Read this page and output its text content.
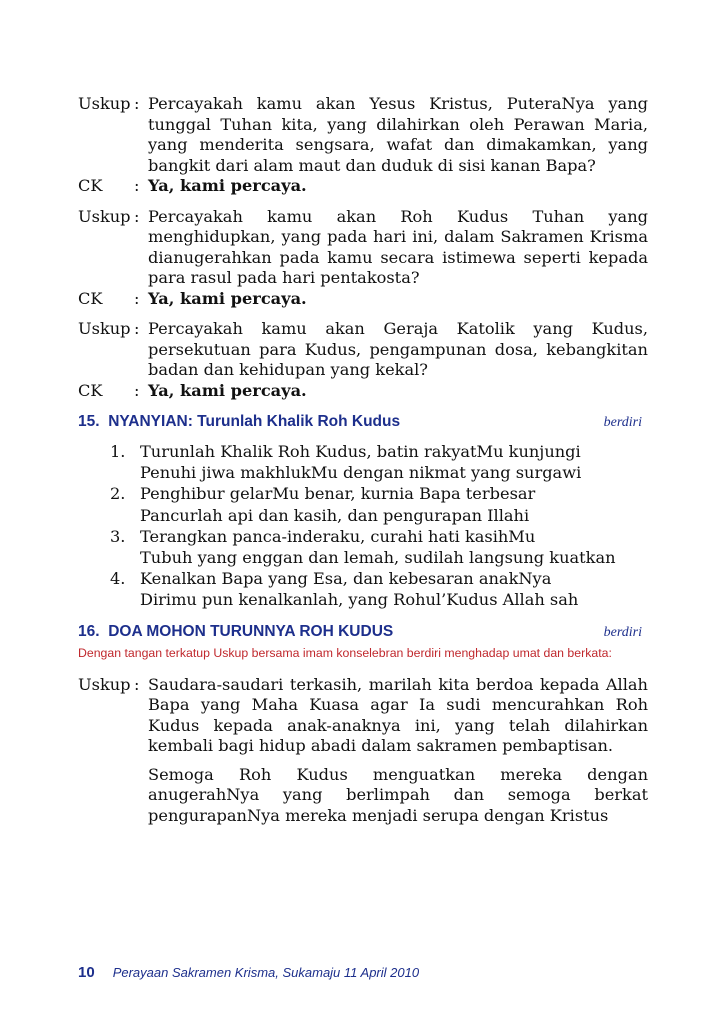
Uskup : Percayakah kamu akan Yesus Kristus, PuteraNya yang tunggal Tuhan kita, yang dilahirkan oleh Perawan Maria, yang menderita sengsara, wafat dan dimakamkan, yang bangkit dari alam maut dan duduk di sisi kanan Bapa?
CK	: Ya, kami percaya.
Uskup : Percayakah kamu akan Roh Kudus Tuhan yang menghidupkan, yang pada hari ini, dalam Sakramen Krisma dianugerahkan pada kamu secara istimewa seperti kepada para rasul pada hari pentakosta?
CK	: Ya, kami percaya.
Uskup : Percayakah kamu akan Geraja Katolik yang Kudus, persekutuan para Kudus, pengampunan dosa, kebangkitan badan dan kehidupan yang kekal?
CK	: Ya, kami percaya.
15. NYANYIAN: Turunlah Khalik Roh Kudus	berdiri
1. Turunlah Khalik Roh Kudus, batin rakyatMu kunjungi
Penuhi jiwa makhlukMu dengan nikmat yang surgawi
2. Penghibur gelarMu benar, kurnia Bapa terbesar
Pancurlah api dan kasih, dan pengurapan Illahi
3. Terangkan panca-inderaku, curahi hati kasihMu
Tubuh yang enggan dan lemah, sudilah langsung kuatkan
4. Kenalkan Bapa yang Esa, dan kebesaran anakNya
Dirimu pun kenalkanlah, yang Rohul’Kudus Allah sah
16. DOA MOHON TURUNNYA ROH KUDUS	berdiri
Dengan tangan terkatup Uskup bersama imam konselebran berdiri menghadap umat dan berkata:
Uskup : Saudara-saudari terkasih, marilah kita berdoa kepada Allah Bapa yang Maha Kuasa agar Ia sudi mencurahkan Roh Kudus kepada anak-anaknya ini, yang telah dilahirkan kembali bagi hidup abadi dalam sakramen pembaptisan.
Semoga Roh Kudus menguatkan mereka dengan anugerahNya yang berlimpah dan semoga berkat pengurapanNya mereka menjadi serupa dengan Kristus
10 Perayaan Sakramen Krisma, Sukamaju 11 April 2010
